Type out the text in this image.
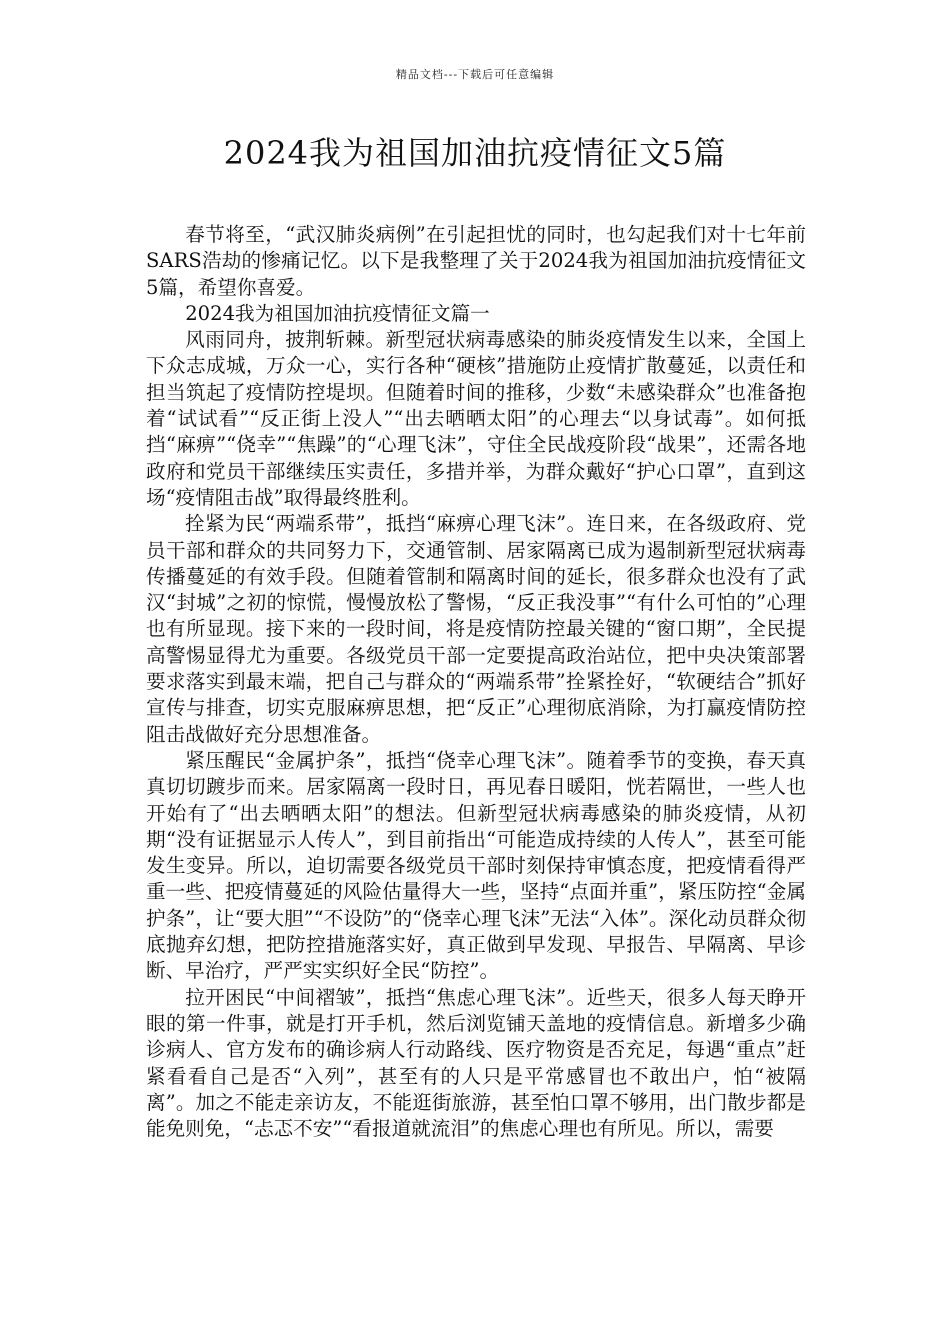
精品文档---下载后可任意编辑
2024我为祖国加油抗疫情征文5篇

春节将至，“武汉肺炎病例”在引起担忧的同时，也勾起我们对十七年前SARS浩劫的惨痛记忆。以下是我整理了关于2024我为祖国加油抗疫情征文5篇，希望你喜爱。

2024我为祖国加油抗疫情征文篇一

风雨同舟，披荆斩棘。新型冠状病毒感染的肺炎疫情发生以来，全国上下众志成城，万众一心，实行各种“硬核”措施防止疫情扩散蔓延，以责任和担当筑起了疫情防控堤坝。但随着时间的推移，少数“未感染群众”也准备抱着“试试看”“反正街上没人”“出去晒晒太阳”的心理去“以身试毒”。如何抵挡“麻痹”“侥幸”“焦躁”的“心理飞沫”，守住全民战疫阶段“战果”，还需各地政府和党员干部继续压实责任，多措并举，为群众戴好“护心口罩”，直到这场“疫情阻击战”取得最终胜利。

拴紧为民“两端系带”，抵挡“麻痹心理飞沫”。连日来，在各级政府、党员干部和群众的共同努力下，交通管制、居家隔离已成为遏制新型冠状病毒传播蔓延的有效手段。但随着管制和隔离时间的延长，很多群众也没有了武汉“封城”之初的惊慌，慢慢放松了警惕，“反正我没事”“有什么可怕的”心理也有所显现。接下来的一段时间，将是疫情防控最关键的“窗口期”，全民提高警惕显得尤为重要。各级党员干部一定要提高政治站位，把中央决策部署要求落实到最末端，把自己与群众的“两端系带”拴紧拴好，“软硬结合”抓好宣传与排查，切实克服麻痹思想，把“反正”心理彻底消除，为打赢疫情防控阻击战做好充分思想准备。

紧压醒民“金属护条”，抵挡“侥幸心理飞沫”。随着季节的变换，春天真真切切踱步而来。居家隔离一段时日，再见春日暖阳，恍若隔世，一些人也开始有了“出去晒晒太阳”的想法。但新型冠状病毒感染的肺炎疫情，从初期“没有证据显示人传人”，到目前指出“可能造成持续的人传人”，甚至可能发生变异。所以，迫切需要各级党员干部时刻保持审慎态度，把疫情看得严重一些、把疫情蔓延的风险估量得大一些，坚持“点面并重”，紧压防控“金属护条”，让“要大胆”“不设防”的“侥幸心理飞沫”无法“入体”。深化动员群众彻底抛弃幻想，把防控措施落实好，真正做到早发现、早报告、早隔离、早诊断、早治疗，严严实实织好全民“防控”。

拉开困民“中间褶皱”，抵挡“焦虑心理飞沫”。近些天，很多人每天睁开眼的第一件事，就是打开手机，然后浏览铺天盖地的疫情信息。新增多少确诊病人、官方发布的确诊病人行动路线、医疗物资是否充足，每遇“重点”赶紧看看自己是否“入列”，甚至有的人只是平常感冒也不敢出户，怕“被隔离”。加之不能走亲访友，不能逛街旅游，甚至怕口罩不够用，出门散步都是能免则免，“忐忑不安”“看报道就流泪”的焦虑心理也有所见。所以，需要
